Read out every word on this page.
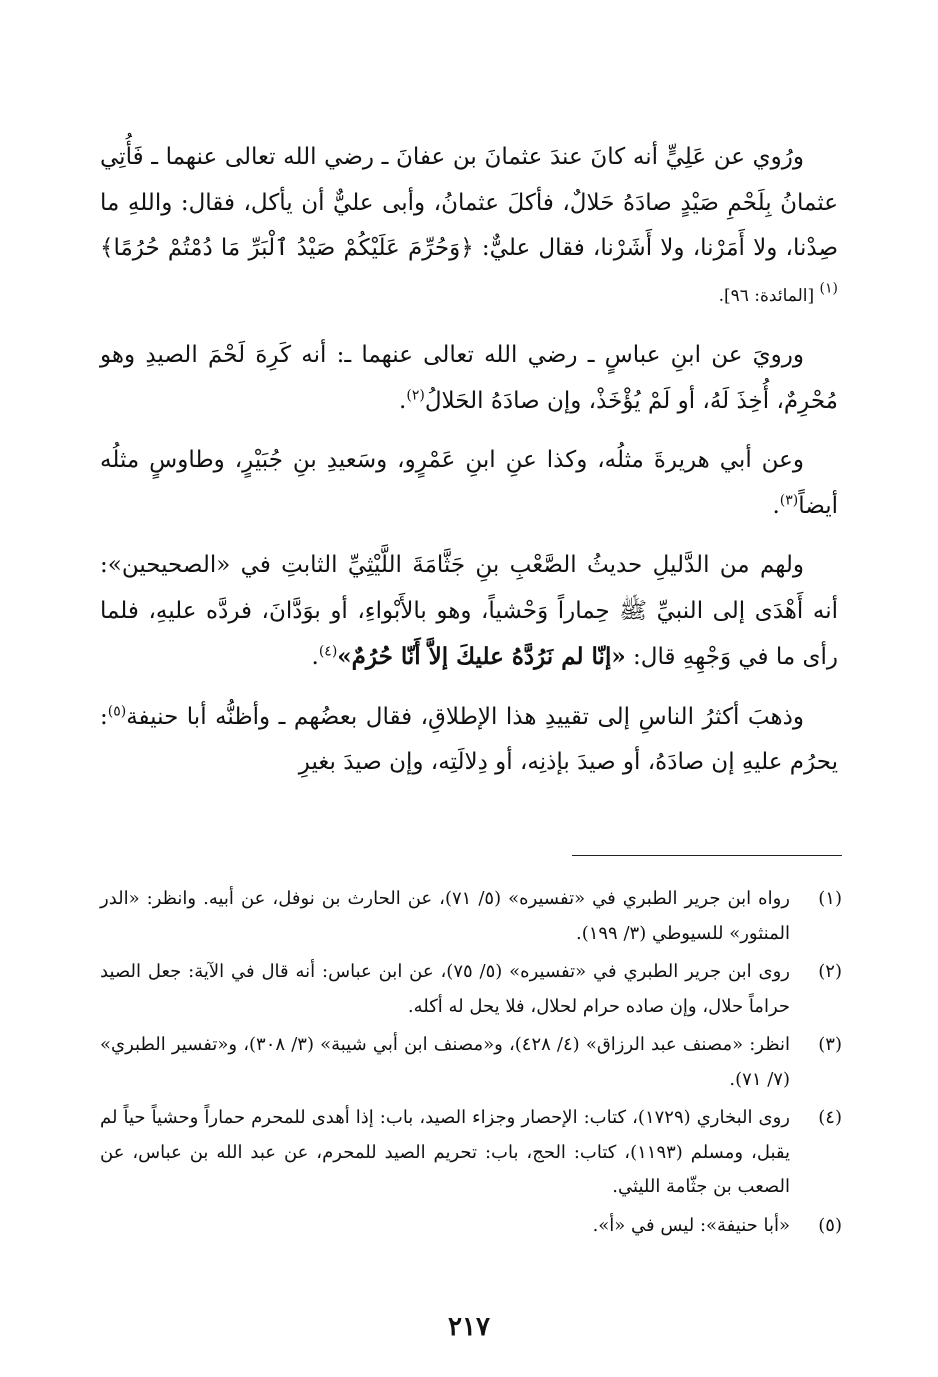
ورُوي عن عَلِيٍّ أنه كانَ عندَ عثمانَ بن عفانَ ـ رضي الله تعالى عنهما ـ فَأُتِي عثمانُ بِلَحْمِ صَيْدٍ صادَهُ حَلالٌ، فأكلَ عثمانُ، وأبى عليٌّ أن يأكل، فقال: واللهِ ما صِدْنا، ولا أَمَرْنا، ولا أَشَرْنا، فقال عليٌّ: ﴿وَحُرِّمَ عَلَيْكُمْ صَيْدُ ٱلْبَرِّ مَا دُمْتُمْ حُرُمًا﴾$^{(١)}$ [المائدة: ٩٦].

ورويَ عن ابنِ عباسٍ ـ رضي الله تعالى عنهما ـ: أنه كَرِهَ لَحْمَ الصيدِ وهو مُحْرِمٌ، أُخِذَ لَهُ، أو لَمْ يُؤْخَذْ، وإن صادَهُ الحَلالُ$^{(٢)}$.

وعن أبي هريرةَ مثلُه، وكذا عنِ ابنِ عَمْرٍو، وسَعيدِ بنِ جُبَيْرٍ، وطاوسٍ مثلُه أيضاً$^{(٣)}$.

ولهم من الدَّليلِ حديثُ الصَّعْبِ بنِ جَثَّامَةَ اللَّيْثِيِّ الثابتِ في «الصحيحين»: أنه أَهْدَى إلى النبيِّ ﷺ حِماراً وَحْشياً، وهو بالأَبْواءِ، أو بوَدَّانَ، فردَّه عليهِ، فلما رأى ما في وَجْهِهِ قال: «إنّا لم نَرُدَّهُ عليكَ إلاَّ أَنّا حُرُمٌ»$^{(٤)}$.

وذهبَ أكثرُ الناسِ إلى تقييدِ هذا الإطلاقِ، فقال بعضُهم ـ وأظنُّه أبا حنيفة$^{(٥)}$: يحرُم عليهِ إن صادَهُ، أو صيدَ بإذنِه، أو دِلالَتِه، وإن صيدَ بغيرِ

(١)
رواه ابن جرير الطبري في «تفسيره» (٥/ ٧١)، عن الحارث بن نوفل، عن أبيه. وانظر: «الدر المنثور» للسيوطي (٣/ ١٩٩).
(٢)
روى ابن جرير الطبري في «تفسيره» (٥/ ٧٥)، عن ابن عباس: أنه قال في الآية: جعل الصيد حراماً حلال، وإن صاده حرام لحلال، فلا يحل له أكله.
(٣)
انظر: «مصنف عبد الرزاق» (٤/ ٤٢٨)، و«مصنف ابن أبي شيبة» (٣/ ٣٠٨)، و«تفسير الطبري» (٧/ ٧١).
(٤)
روى البخاري (١٧٢٩)، كتاب: الإحصار وجزاء الصيد، باب: إذا أهدى للمحرم حماراً وحشياً حياً لم يقبل، ومسلم (١١٩٣)، كتاب: الحج، باب: تحريم الصيد للمحرم، عن عبد الله بن عباس، عن الصعب بن جثّامة الليثي.
(٥)
«أبا حنيفة»: ليس في «أ».
٢١٧
